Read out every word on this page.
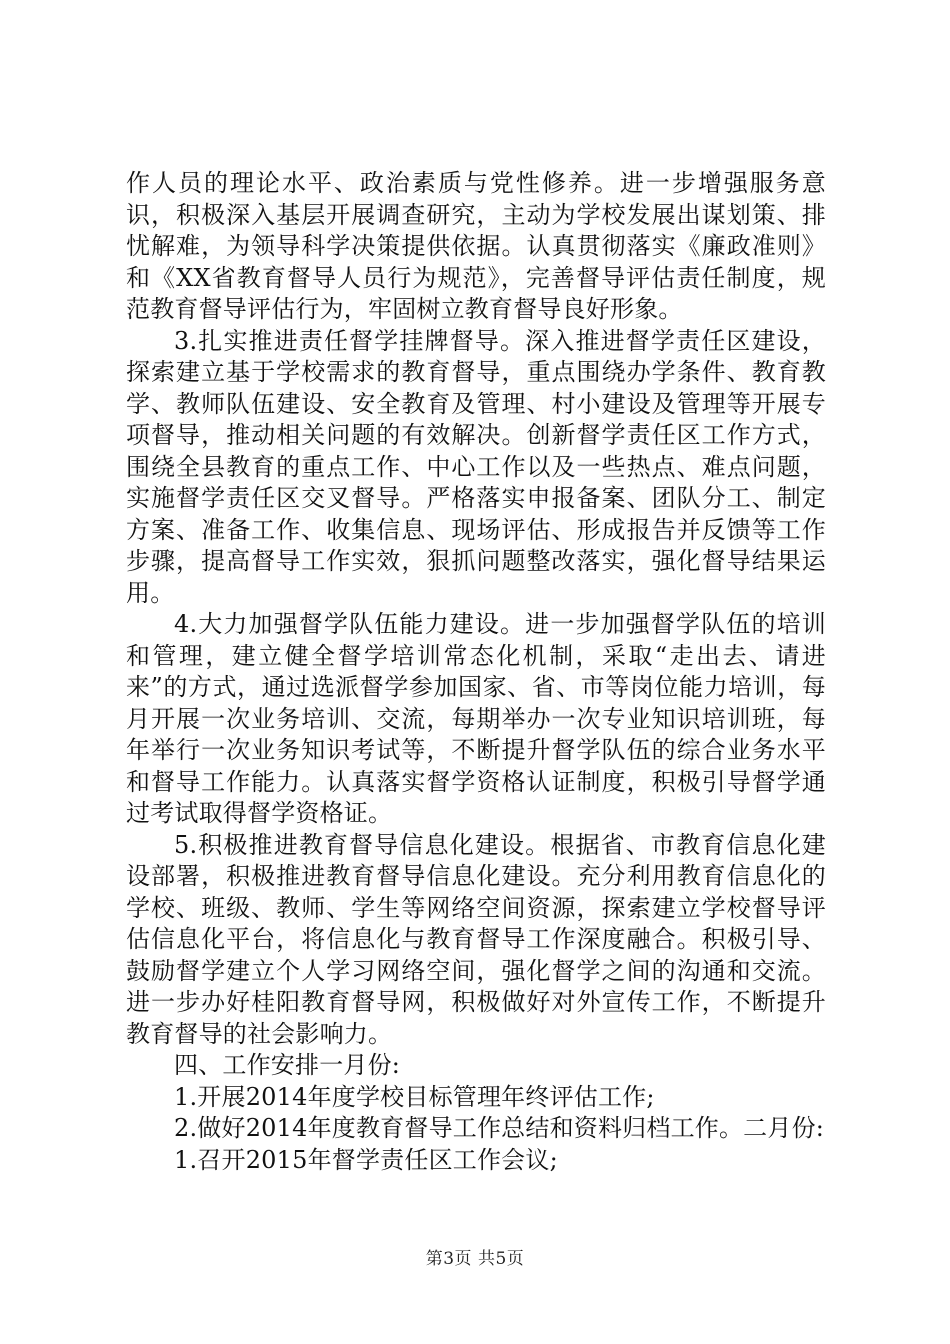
作人员的理论水平、政治素质与党性修养。进一步增强服务意识，积极深入基层开展调查研究，主动为学校发展出谋划策、排忧解难，为领导科学决策提供依据。认真贯彻落实《廉政准则》和《XX省教育督导人员行为规范》，完善督导评估责任制度，规范教育督导评估行为，牢固树立教育督导良好形象。

3.扎实推进责任督学挂牌督导。深入推进督学责任区建设，探索建立基于学校需求的教育督导，重点围绕办学条件、教育教学、教师队伍建设、安全教育及管理、村小建设及管理等开展专项督导，推动相关问题的有效解决。创新督学责任区工作方式，围绕全县教育的重点工作、中心工作以及一些热点、难点问题，实施督学责任区交叉督导。严格落实申报备案、团队分工、制定方案、准备工作、收集信息、现场评估、形成报告并反馈等工作步骤，提高督导工作实效，狠抓问题整改落实，强化督导结果运用。

4.大力加强督学队伍能力建设。进一步加强督学队伍的培训和管理，建立健全督学培训常态化机制，采取“走出去、请进来”的方式，通过选派督学参加国家、省、市等岗位能力培训，每月开展一次业务培训、交流，每期举办一次专业知识培训班，每年举行一次业务知识考试等，不断提升督学队伍的综合业务水平和督导工作能力。认真落实督学资格认证制度，积极引导督学通过考试取得督学资格证。

5.积极推进教育督导信息化建设。根据省、市教育信息化建设部署，积极推进教育督导信息化建设。充分利用教育信息化的学校、班级、教师、学生等网络空间资源，探索建立学校督导评估信息化平台，将信息化与教育督导工作深度融合。积极引导、鼓励督学建立个人学习网络空间，强化督学之间的沟通和交流。进一步办好桂阳教育督导网，积极做好对外宣传工作，不断提升教育督导的社会影响力。

四、工作安排一月份:

1.开展2014年度学校目标管理年终评估工作;

2.做好2014年度教育督导工作总结和资料归档工作。二月份:

1.召开2015年督学责任区工作会议;

第3页 共5页
